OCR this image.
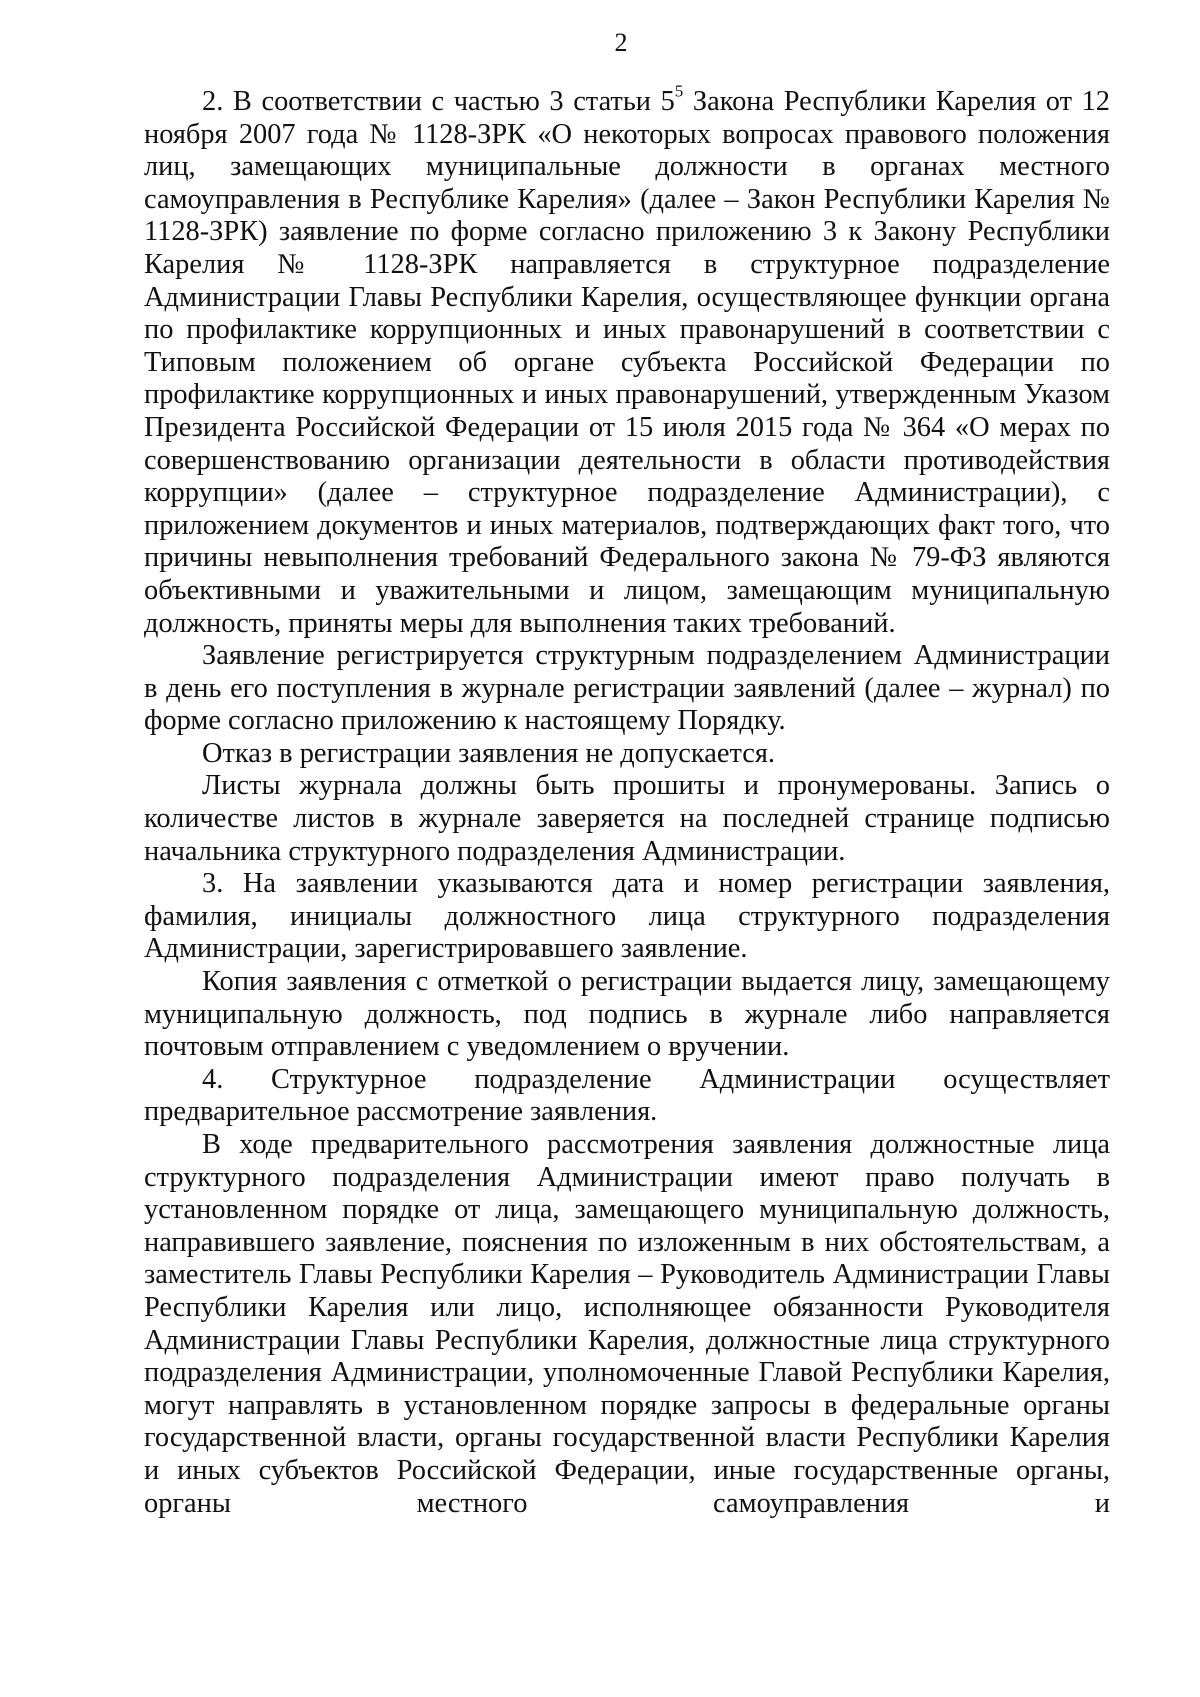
2

2. В соответствии с частью 3 статьи $5^5$ Закона Республики Карелия от 12 ноября 2007 года № 1128-ЗРК «О некоторых вопросах правового положения лиц, замещающих муниципальные должности в органах местного самоуправления в Республике Карелия» (далее – Закон Республики Карелия № 1128-ЗРК) заявление по форме согласно приложению 3 к Закону Республики Карелия № 1128-ЗРК направляется в структурное подразделение Администрации Главы Республики Карелия, осуществляющее функции органа по профилактике коррупционных и иных правонарушений в соответствии с Типовым положением об органе субъекта Российской Федерации по профилактике коррупционных и иных правонарушений, утвержденным Указом Президента Российской Федерации от 15 июля 2015 года № 364 «О мерах по совершенствованию организации деятельности в области противодействия коррупции» (далее – структурное подразделение Администрации), с приложением документов и иных материалов, подтверждающих факт того, что причины невыполнения требований Федерального закона № 79-ФЗ являются объективными и уважительными и лицом, замещающим муниципальную должность, приняты меры для выполнения таких требований.

Заявление регистрируется структурным подразделением Администрации в день его поступления в журнале регистрации заявлений (далее – журнал) по форме согласно приложению к настоящему Порядку.

Отказ в регистрации заявления не допускается.

Листы журнала должны быть прошиты и пронумерованы. Запись о количестве листов в журнале заверяется на последней странице подписью начальника структурного подразделения Администрации.

3. На заявлении указываются дата и номер регистрации заявления, фамилия, инициалы должностного лица структурного подразделения Администрации, зарегистрировавшего заявление.

Копия заявления с отметкой о регистрации выдается лицу, замещающему муниципальную должность, под подпись в журнале либо направляется почтовым отправлением с уведомлением о вручении.

4. Структурное подразделение Администрации осуществляет предварительное рассмотрение заявления.

В ходе предварительного рассмотрения заявления должностные лица структурного подразделения Администрации имеют право получать в установленном порядке от лица, замещающего муниципальную должность, направившего заявление, пояснения по изложенным в них обстоятельствам, а заместитель Главы Республики Карелия – Руководитель Администрации Главы Республики Карелия или лицо, исполняющее обязанности Руководителя Администрации Главы Республики Карелия, должностные лица структурного подразделения Администрации, уполномоченные Главой Республики Карелия, могут направлять в установленном порядке запросы в федеральные органы государственной власти, органы государственной власти Республики Карелия и иных субъектов Российской Федерации, иные государственные органы, органы местного самоуправления и
